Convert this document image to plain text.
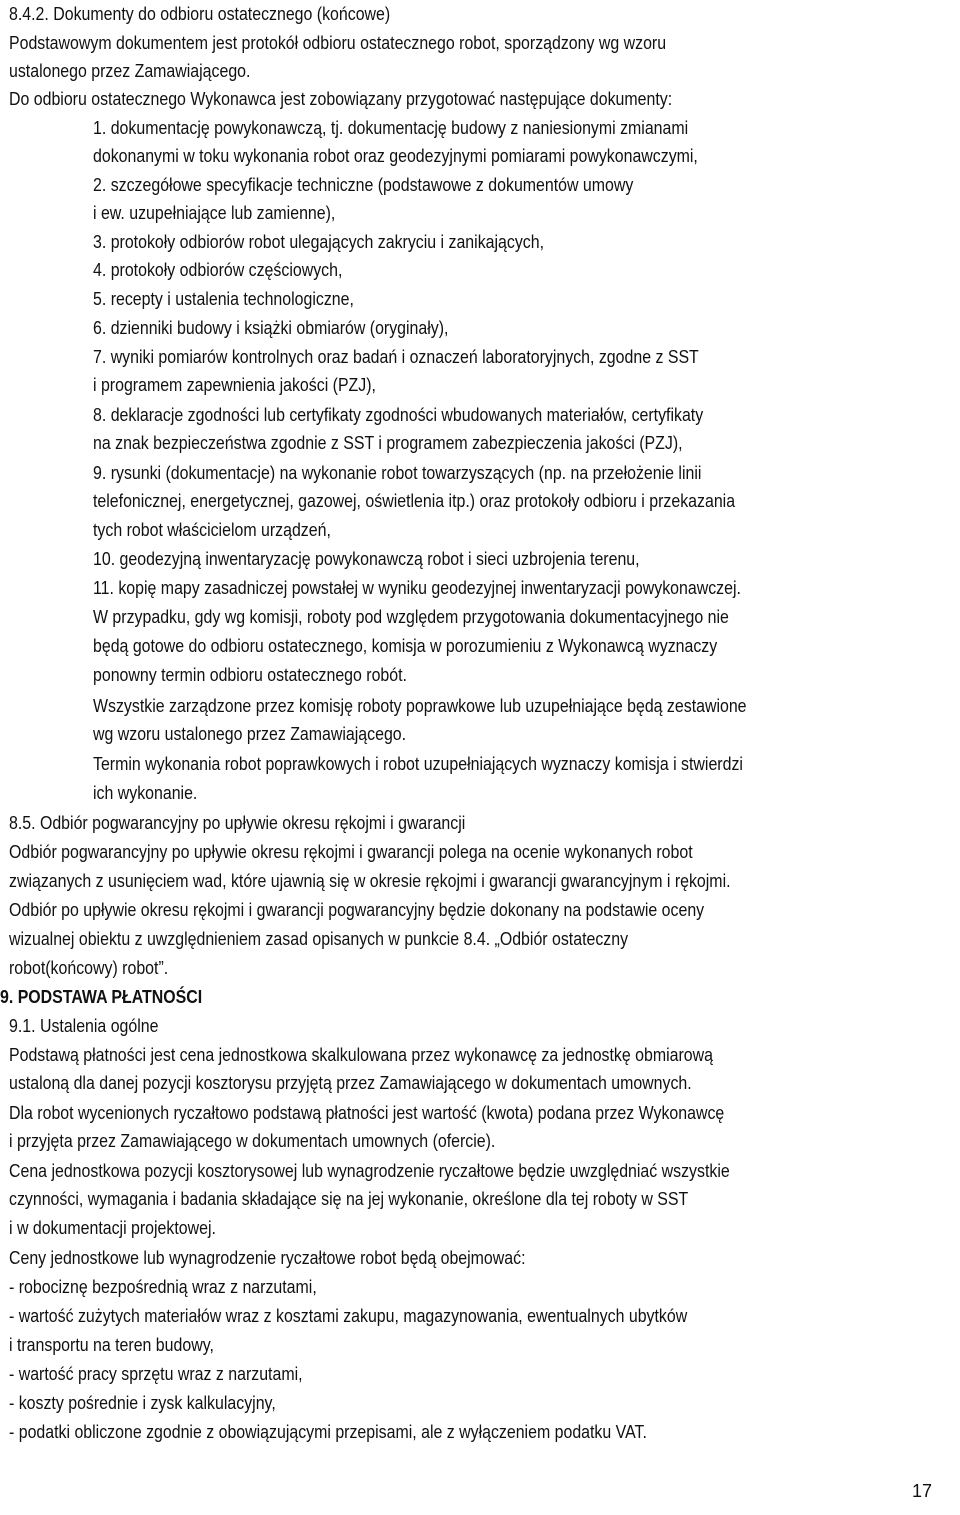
8.4.2. Dokumenty do odbioru ostatecznego (końcowe)
Podstawowym dokumentem jest protokół odbioru ostatecznego robot, sporządzony wg wzoru
ustalonego przez Zamawiającego.
Do odbioru ostatecznego Wykonawca jest zobowiązany przygotować następujące dokumenty:
1. dokumentację powykonawczą, tj. dokumentację budowy z naniesionymi zmianami
dokonanymi w toku wykonania robot oraz geodezyjnymi pomiarami powykonawczymi,
2. szczegółowe specyfikacje techniczne (podstawowe z dokumentów umowy
i ew. uzupełniające lub zamienne),
3. protokoły odbiorów robot ulegających zakryciu i zanikających,
4. protokoły odbiorów częściowych,
5. recepty i ustalenia technologiczne,
6. dzienniki budowy i książki obmiarów (oryginały),
7. wyniki pomiarów kontrolnych oraz badań i oznaczeń laboratoryjnych, zgodne z SST
i programem zapewnienia jakości (PZJ),
8. deklaracje zgodności lub certyfikaty zgodności wbudowanych materiałów, certyfikaty
na znak bezpieczeństwa zgodnie z SST i programem zabezpieczenia jakości (PZJ),
9. rysunki (dokumentacje) na wykonanie robot towarzyszących (np. na przełożenie linii
telefonicznej, energetycznej, gazowej, oświetlenia itp.) oraz protokoły odbioru i przekazania
tych robot właścicielom urządzeń,
10. geodezyjną inwentaryzację powykonawczą robot i sieci uzbrojenia terenu,
11. kopię mapy zasadniczej powstałej w wyniku geodezyjnej inwentaryzacji powykonawczej.
W przypadku, gdy wg komisji, roboty pod względem przygotowania dokumentacyjnego nie
będą gotowe do odbioru ostatecznego, komisja w porozumieniu z Wykonawcą wyznaczy
ponowny termin odbioru ostatecznego robót.
Wszystkie zarządzone przez komisję roboty poprawkowe lub uzupełniające będą zestawione
wg wzoru ustalonego przez Zamawiającego.
Termin wykonania robot poprawkowych i robot uzupełniających wyznaczy komisja i stwierdzi
ich wykonanie.
8.5. Odbiór pogwarancyjny po upływie okresu rękojmi i gwarancji
Odbiór pogwarancyjny po upływie okresu rękojmi i gwarancji polega na ocenie wykonanych robot
związanych z usunięciem wad, które ujawnią się w okresie rękojmi i gwarancji gwarancyjnym i rękojmi.
Odbiór po upływie okresu rękojmi i gwarancji pogwarancyjny będzie dokonany na podstawie oceny
wizualnej obiektu z uwzględnieniem zasad opisanych w punkcie 8.4. „Odbiór ostateczny
robot(końcowy) robot”.
9. PODSTAWA PŁATNOŚCI
9.1. Ustalenia ogólne
Podstawą płatności jest cena jednostkowa skalkulowana przez wykonawcę za jednostkę obmiarową
ustaloną dla danej pozycji kosztorysu przyjętą przez Zamawiającego w dokumentach umownych.
Dla robot wycenionych ryczałtowo podstawą płatności jest wartość (kwota) podana przez Wykonawcę
i przyjęta przez Zamawiającego w dokumentach umownych (ofercie).
Cena jednostkowa pozycji kosztorysowej lub wynagrodzenie ryczałtowe będzie uwzględniać wszystkie
czynności, wymagania i badania składające się na jej wykonanie, określone dla tej roboty w SST
i w dokumentacji projektowej.
Ceny jednostkowe lub wynagrodzenie ryczałtowe robot będą obejmować:
- robociznę bezpośrednią wraz z narzutami,
- wartość zużytych materiałów wraz z kosztami zakupu, magazynowania, ewentualnych ubytków
i transportu na teren budowy,
- wartość pracy sprzętu wraz z narzutami,
- koszty pośrednie i zysk kalkulacyjny,
- podatki obliczone zgodnie z obowiązującymi przepisami, ale z wyłączeniem podatku VAT.
17
